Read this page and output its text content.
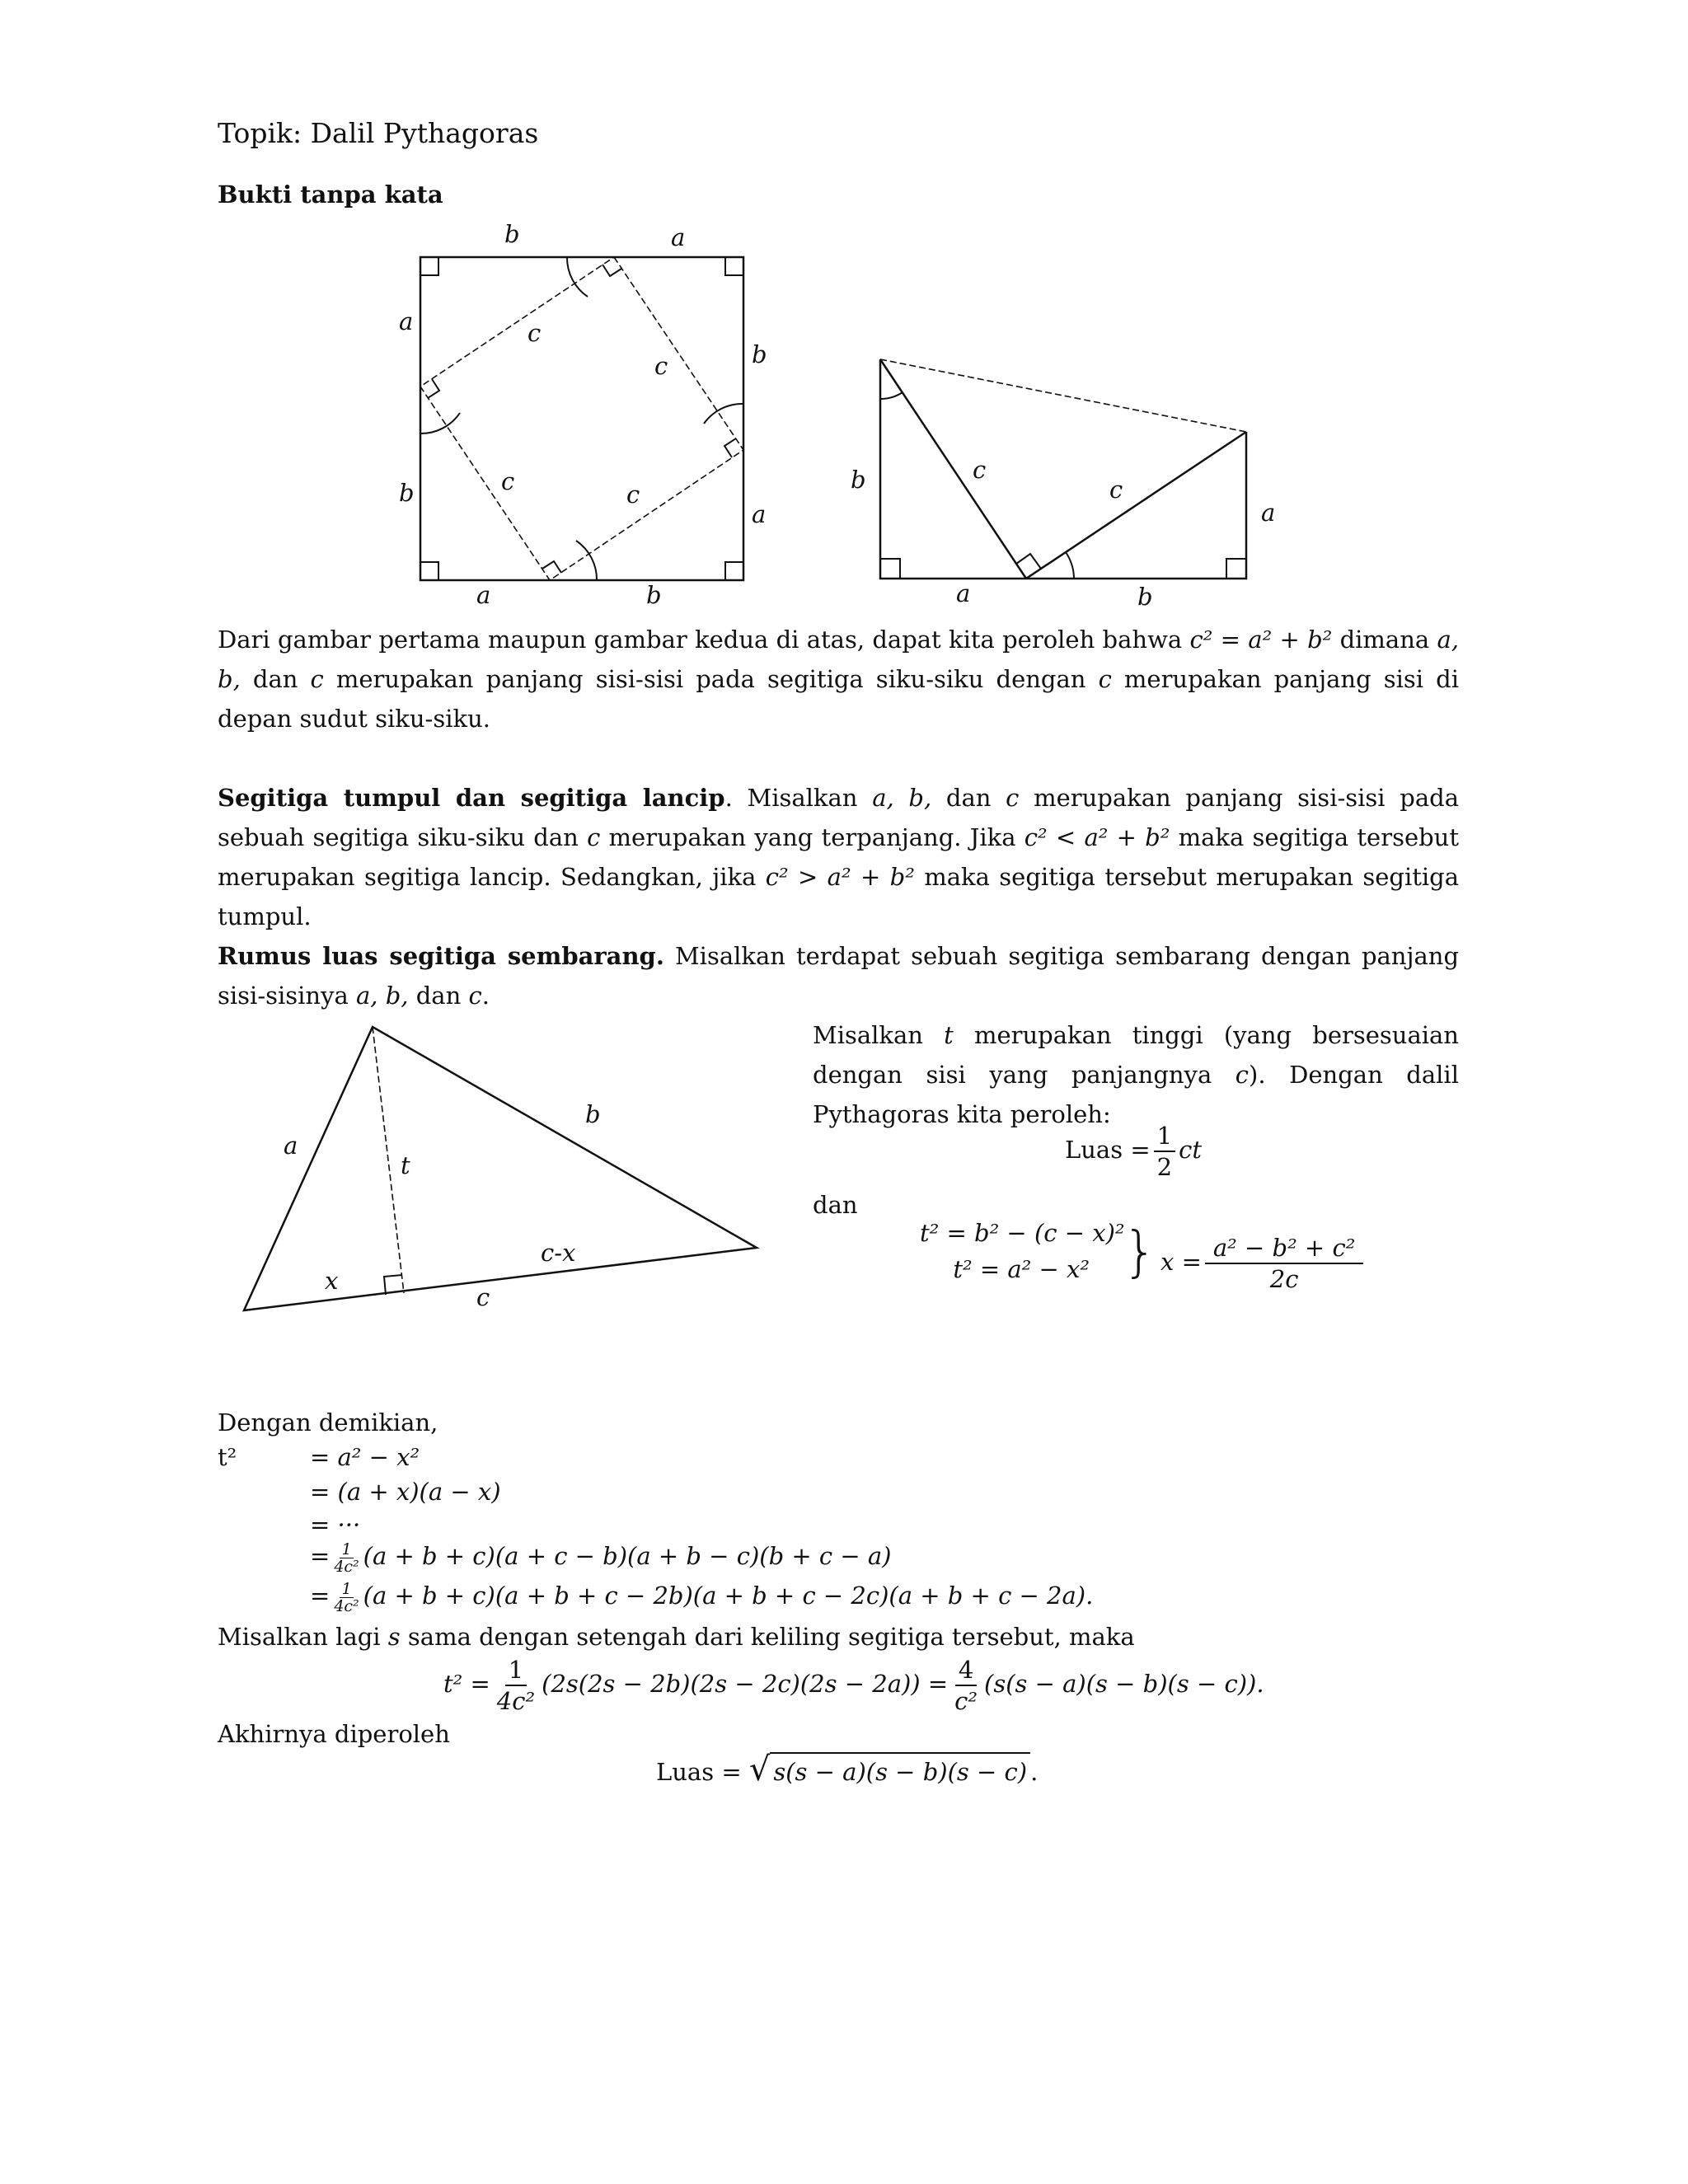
Topik: Dalil Pythagoras
Bukti tanpa kata
b	a
a
b
b
a
a	b
c
c
c	c
b	c
c
a
a	b
a
b
t
x
c-x
c
Dari gambar pertama maupun gambar kedua di atas, dapat kita peroleh bahwa c² = a² + b² dimana a, b, dan c merupakan panjang sisi-sisi pada segitiga siku-siku dengan c merupakan panjang sisi di depan sudut siku-siku.
Segitiga tumpul dan segitiga lancip. Misalkan a, b, dan c merupakan panjang sisi-sisi pada sebuah segitiga siku-siku dan c merupakan yang terpanjang. Jika c² < a² + b² maka segitiga tersebut merupakan segitiga lancip. Sedangkan, jika c² > a² + b² maka segitiga tersebut merupakan segitiga tumpul.
Rumus luas segitiga sembarang. Misalkan terdapat sebuah segitiga sembarang dengan panjang sisi-sisinya a, b, dan c.
Misalkan t merupakan tinggi (yang bersesuaian dengan sisi yang panjangnya c). Dengan dalil Pythagoras kita peroleh:
Luas = $\frac{1}{2}$ ct
dan
t² = b² − (c − x)²
t² = a² − x² } $x = \frac{\text{a² − b² + c²}}{2c}$
Dengan demikian,
t²	= a² − x²
= (a + x)(a − x)
= ···
= $\frac{1}{\text{4c²}} (a + b + c)(a + c - b)(a + b - c)(b + c - a)$
= $\frac{1}{\text{4c²}} (a + b + c)(a + b + c - 2b)(a + b + c - 2c)(a + b + c - 2a)$.
Misalkan lagi s sama dengan setengah dari keliling segitiga tersebut, maka
$t^2 = \frac{1}{\text{4c²}} (2s(2s - 2b)(2s - 2c)(2s - 2a)) = \frac{4}{\text{c²}} (s(s - a)(s - b)(s - c))$.
Akhirnya diperoleh
Luas = √ s(s − a)(s − b)(s − c) .
